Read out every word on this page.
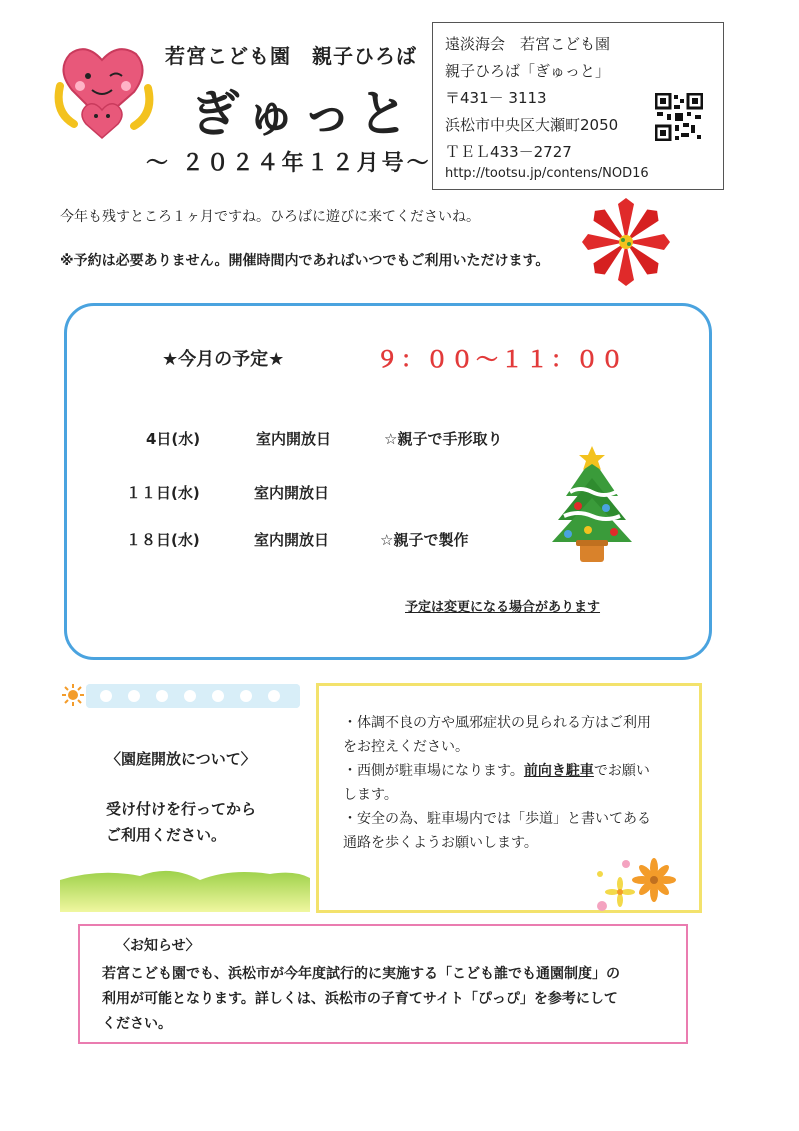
若宮こども園　親子ひろば
ぎゅっと
～ ２０２４年１２月号～
遠淡海会　若宮こども園
親子ひろば「ぎゅっと」
〒431－ 3113
浜松市中央区大瀬町2050
ＴＥＬ433－2727
http://tootsu.jp/contens/NOD16
今年も残すところ１ヶ月ですね。ひろばに遊びに来てくださいね。
※予約は必要ありません。開催時間内であればいつでもご利用いただけます。
★今月の予定★	９：００～１１：００
4日(水)	室内開放日	☆親子で手形取り
１１日(水)	室内開放日
１８日(水)	室内開放日	☆親子で製作
予定は変更になる場合があります
〈園庭開放について〉
受け付けを行ってから
ご利用ください。
・体調不良の方や風邪症状の見られる方はご利用
をお控えください。
・西側が駐車場になります。前向き駐車でお願い
します。
・安全の為、駐車場内では「歩道」と書いてある
通路を歩くようお願いします。
〈お知らせ〉
若宮こども園でも、浜松市が今年度試行的に実施する「こども誰でも通園制度」の
利用が可能となります。詳しくは、浜松市の子育てサイト「ぴっぴ」を参考にして
ください。
